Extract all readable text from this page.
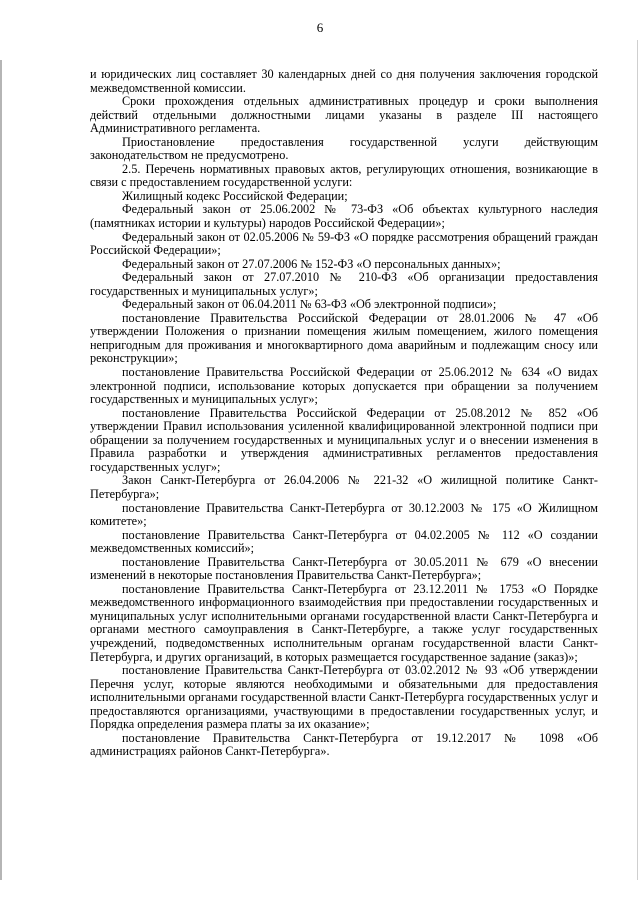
6

и юридических лиц составляет 30 календарных дней со дня получения заключения городской межведомственной комиссии.

Сроки прохождения отдельных административных процедур и сроки выполнения действий отдельными должностными лицами указаны в разделе III настоящего Административного регламента.

Приостановление предоставления государственной услуги действующим законодательством не предусмотрено.

2.5. Перечень нормативных правовых актов, регулирующих отношения, возникающие в связи с предоставлением государственной услуги:

Жилищный кодекс Российской Федерации;

Федеральный закон от 25.06.2002 № 73-ФЗ «Об объектах культурного наследия (памятниках истории и культуры) народов Российской Федерации»;

Федеральный закон от 02.05.2006 № 59-ФЗ «О порядке рассмотрения обращений граждан Российской Федерации»;

Федеральный закон от 27.07.2006 № 152-ФЗ «О персональных данных»;

Федеральный закон от 27.07.2010 № 210-ФЗ «Об организации предоставления государственных и муниципальных услуг»;

Федеральный закон от 06.04.2011 № 63-ФЗ «Об электронной подписи»;

постановление Правительства Российской Федерации от 28.01.2006 № 47 «Об утверждении Положения о признании помещения жилым помещением, жилого помещения непригодным для проживания и многоквартирного дома аварийным и подлежащим сносу или реконструкции»;

постановление Правительства Российской Федерации от 25.06.2012 № 634 «О видах электронной подписи, использование которых допускается при обращении за получением государственных и муниципальных услуг»;

постановление Правительства Российской Федерации от 25.08.2012 № 852 «Об утверждении Правил использования усиленной квалифицированной электронной подписи при обращении за получением государственных и муниципальных услуг и о внесении изменения в Правила разработки и утверждения административных регламентов предоставления государственных услуг»;

Закон Санкт-Петербурга от 26.04.2006 № 221-32 «О жилищной политике Санкт-Петербурга»;

постановление Правительства Санкт-Петербурга от 30.12.2003 № 175 «О Жилищном комитете»;

постановление Правительства Санкт-Петербурга от 04.02.2005 № 112 «О создании межведомственных комиссий»;

постановление Правительства Санкт-Петербурга от 30.05.2011 № 679 «О внесении изменений в некоторые постановления Правительства Санкт-Петербурга»;

постановление Правительства Санкт-Петербурга от 23.12.2011 № 1753 «О Порядке межведомственного информационного взаимодействия при предоставлении государственных и муниципальных услуг исполнительными органами государственной власти Санкт-Петербурга и органами местного самоуправления в Санкт-Петербурге, а также услуг государственных учреждений, подведомственных исполнительным органам государственной власти Санкт-Петербурга, и других организаций, в которых размещается государственное задание (заказ)»;

постановление Правительства Санкт-Петербурга от 03.02.2012 № 93 «Об утверждении Перечня услуг, которые являются необходимыми и обязательными для предоставления исполнительными органами государственной власти Санкт-Петербурга государственных услуг и предоставляются организациями, участвующими в предоставлении государственных услуг, и Порядка определения размера платы за их оказание»;

постановление Правительства Санкт-Петербурга от 19.12.2017 № 1098 «Об администрациях районов Санкт-Петербурга».
